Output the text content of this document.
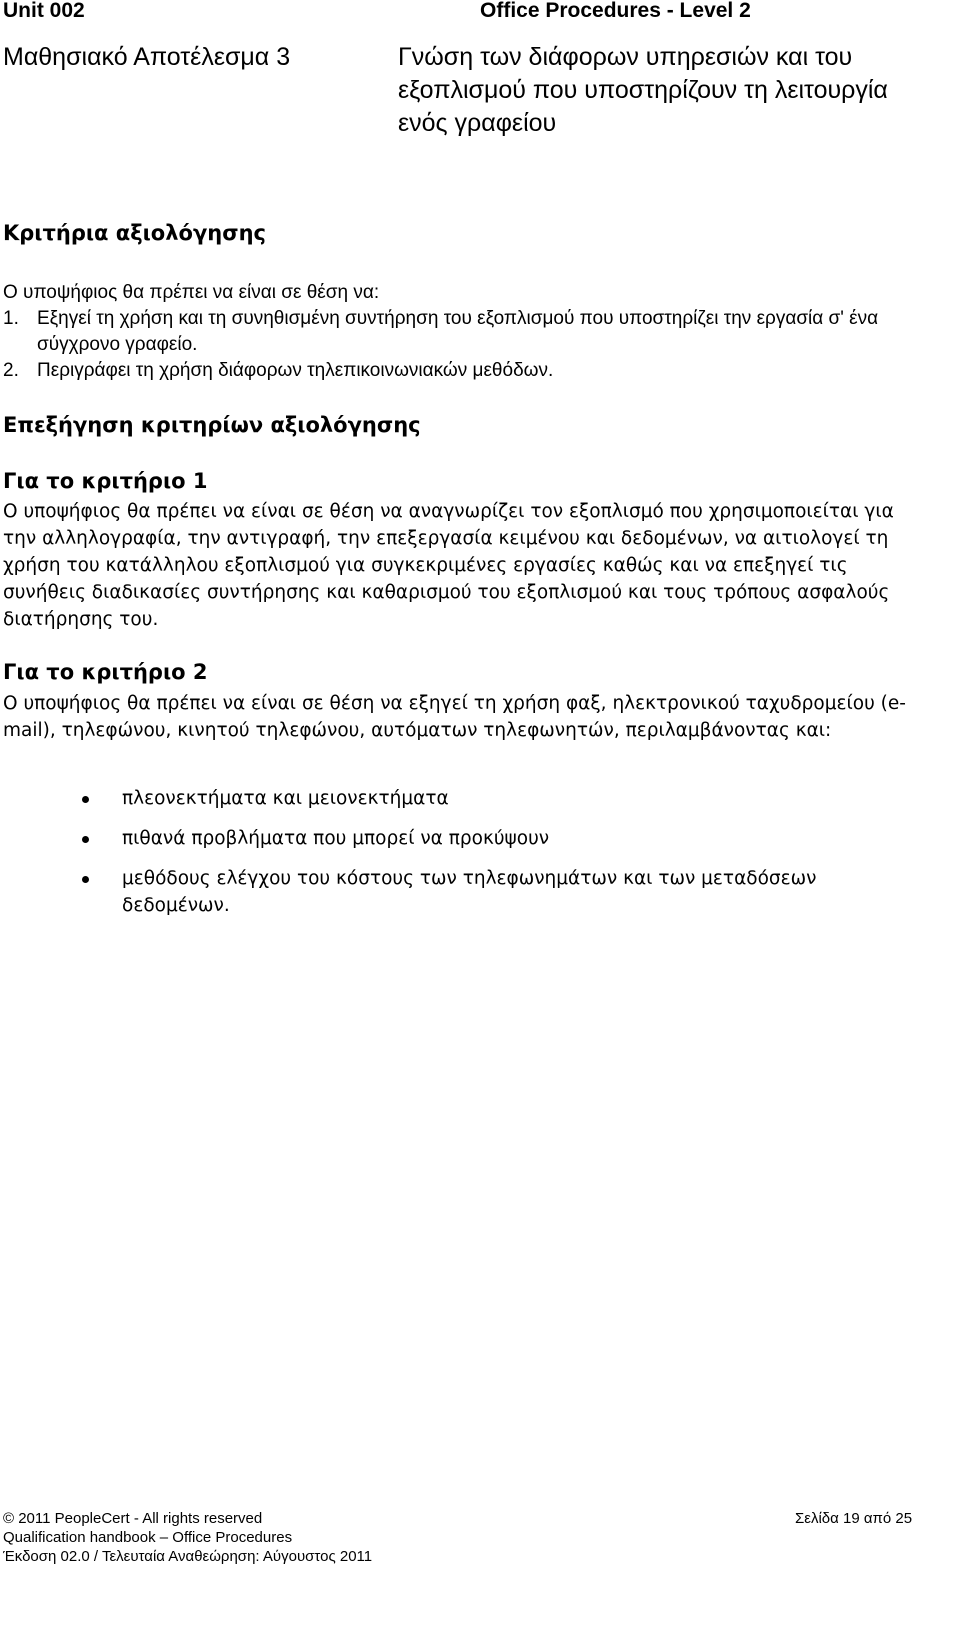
Unit 002	Office Procedures - Level 2
Μαθησιακό Αποτέλεσμα 3	Γνώση των διάφορων υπηρεσιών και του εξοπλισμού που υποστηρίζουν τη λειτουργία ενός γραφείου
Κριτήρια αξιολόγησης
Ο υποψήφιος θα πρέπει να είναι σε θέση να:
1. Εξηγεί τη χρήση και τη συνηθισμένη συντήρηση του εξοπλισμού που υποστηρίζει την εργασία σ' ένα σύγχρονο γραφείο.
2. Περιγράφει τη χρήση διάφορων τηλεπικοινωνιακών μεθόδων.
Επεξήγηση κριτηρίων αξιολόγησης
Για το κριτήριο 1
Ο υποψήφιος θα πρέπει να είναι σε θέση να αναγνωρίζει τον εξοπλισμό που χρησιμοποιείται για την αλληλογραφία, την αντιγραφή, την επεξεργασία κειμένου και δεδομένων, να αιτιολογεί τη χρήση του κατάλληλου εξοπλισμού για συγκεκριμένες εργασίες καθώς και να επεξηγεί τις συνήθεις διαδικασίες συντήρησης και καθαρισμού του εξοπλισμού και τους τρόπους ασφαλούς διατήρησης του.
Για το κριτήριο 2
Ο υποψήφιος θα πρέπει να είναι σε θέση να εξηγεί τη χρήση φαξ, ηλεκτρονικού ταχυδρομείου (e-mail), τηλεφώνου, κινητού τηλεφώνου, αυτόματων τηλεφωνητών, περιλαμβάνοντας και:
πλεονεκτήματα και μειονεκτήματα
πιθανά προβλήματα που μπορεί να προκύψουν
μεθόδους ελέγχου του κόστους των τηλεφωνημάτων και των μεταδόσεων δεδομένων.
© 2011 PeopleCert - All rights reserved	Σελίδα 19 από 25
Qualification handbook – Office Procedures
Έκδοση 02.0 / Τελευταία Αναθεώρηση: Αύγουστος 2011
